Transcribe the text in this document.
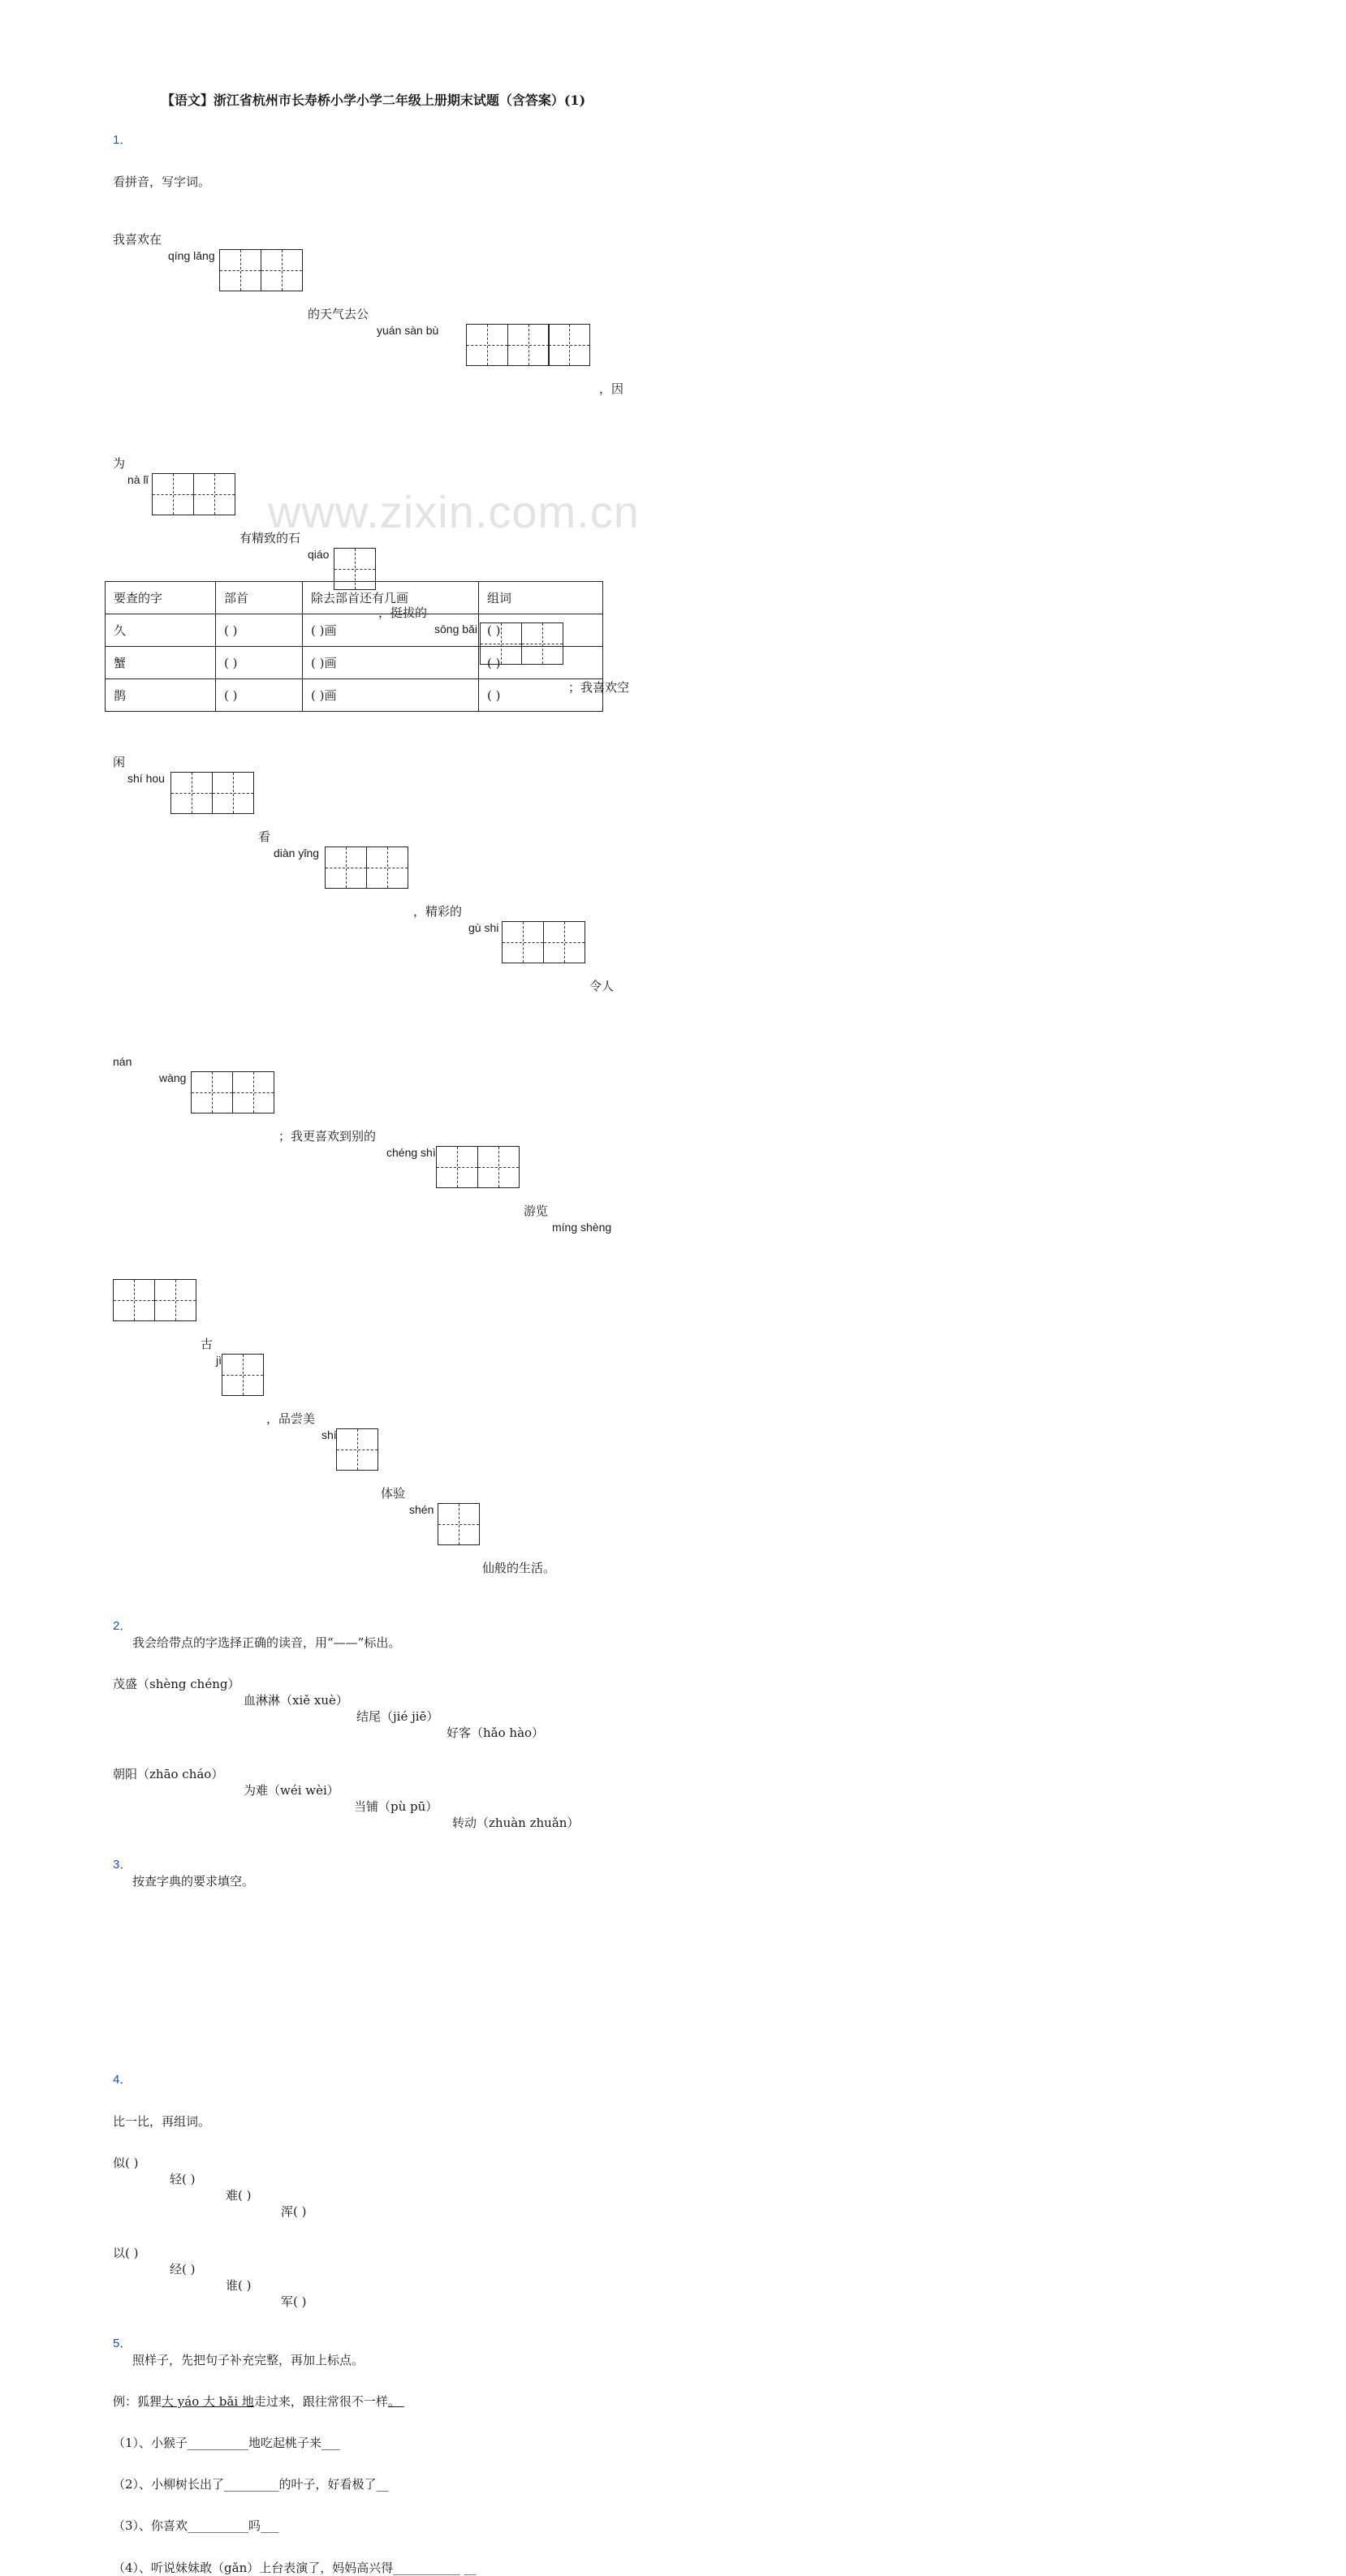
www.zixin.com.cn
【语文】浙江省杭州市长寿桥小学小学二年级上册期末试题（含答案）(1)
1．
看拼音，写字词。
我喜欢在
qíng lǎng
的天气去公
yuán sàn bù
，因
为
nà lǐ
有精致的石
qiáo
，挺拔的
sōng bǎi
；我喜欢空
闲
shí hou
看
diàn yǐng
，精彩的
gù shi
令人
nán
wàng
；我更喜欢到别的
chéng shì
游览
míng shèng
古
jì
，品尝美
shí
体验
shén
仙般的生活。
2．
我会给带点的字选择正确的读音，用“——”标出。
茂盛（shèng chéng）
血淋淋（xiě xuè）
结尾（jié jiē）
好客（hǎo hào）
朝阳（zhāo cháo）
为难（wéi wèi）
当铺（pù pū）
转动（zhuàn zhuǎn）
3．
按查字典的要求填空。
要查的字	部首	除去部首还有几画	组词
久	( )	( )画	( )
蟹	( )	( )画	( )
鹊	( )	( )画	( )
4．
比一比，再组词。
似( )
轻( )
难( )
浑( )
以( )
经( )
谁( )
军( )
5．
照样子，先把句子补充完整，再加上标点。
例：狐狸大 yáo 大 bǎi 地走过来，跟往常很不一样。
（1）、小猴子__________地吃起桃子来___
（2）、小柳树长出了_________的叶子，好看极了__
（3）、你喜欢__________吗___
（4）、听说妹妹敢（gǎn）上台表演了，妈妈高兴得___________ __
